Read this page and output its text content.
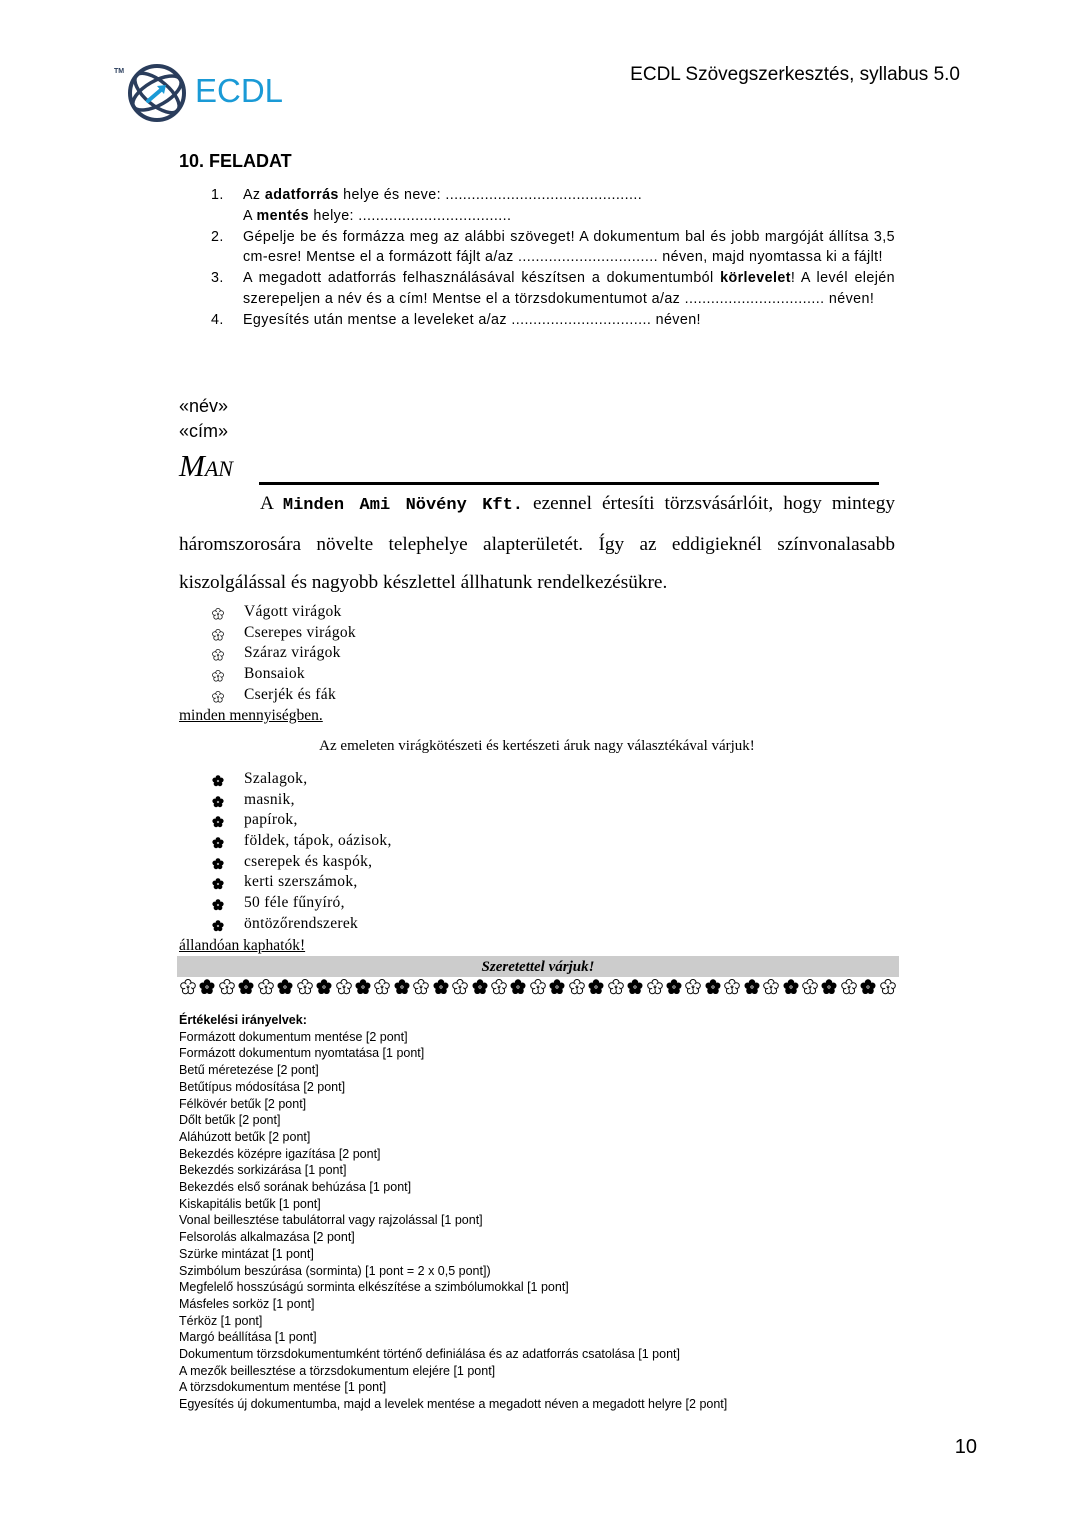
TM
ECDL	ECDL Szövegszerkesztés, syllabus 5.0
10. FELADAT
1. Az adatforrás helye és neve: .............................................
A mentés helye: ...................................
2. Gépelje be és formázza meg az alábbi szöveget! A dokumentum bal és jobb margóját állítsa 3,5 cm-esre! Mentse el a formázott fájlt a/az ................................ néven, majd nyomtassa ki a fájlt!
3. A megadott adatforrás felhasználásával készítsen a dokumentumból körlevelet! A levél elején szerepeljen a név és a cím! Mentse el a törzsdokumentumot a/az ................................ néven!
4. Egyesítés után mentse a leveleket a/az ................................ néven!
«név»
«cím»
MAN
A Minden Ami Növény Kft. ezennel értesíti törzsvásárlóit, hogy mintegy háromszorosára növelte telephelye alapterületét. Így az eddigieknél színvonalasabb kiszolgálással és nagyobb készlettel állhatunk rendelkezésükre.
Vágott virágok
Cserepes virágok
Száraz virágok
Bonsaiok
Cserjék és fák
minden mennyiségben.
Az emeleten virágkötészeti és kertészeti áruk nagy választékával várjuk!
Szalagok,
masnik,
papírok,
földek, tápok, oázisok,
cserepek és kaspók,
kerti szerszámok,
50 féle fűnyíró,
öntözőrendszerek
állandóan kaphatók!
Szeretettel várjuk!
Értékelési irányelvek:
Formázott dokumentum mentése [2 pont]
Formázott dokumentum nyomtatása [1 pont]
Betű méretezése [2 pont]
Betűtípus módosítása [2 pont]
Félkövér betűk [2 pont]
Dőlt betűk [2 pont]
Aláhúzott betűk [2 pont]
Bekezdés középre igazítása [2 pont]
Bekezdés sorkizárása [1 pont]
Bekezdés első sorának behúzása [1 pont]
Kiskapitális betűk [1 pont]
Vonal beillesztése tabulátorral vagy rajzolással [1 pont]
Felsorolás alkalmazása [2 pont]
Szürke mintázat [1 pont]
Szimbólum beszúrása (sorminta) [1 pont = 2 x 0,5 pont])
Megfelelő hosszúságú sorminta elkészítése a szimbólumokkal [1 pont]
Másfeles sorköz [1 pont]
Térköz [1 pont]
Margó beállítása [1 pont]
Dokumentum törzsdokumentumként történő definiálása és az adatforrás csatolása [1 pont]
A mezők beillesztése a törzsdokumentum elejére [1 pont]
A törzsdokumentum mentése [1 pont]
Egyesítés új dokumentumba, majd a levelek mentése a megadott néven a megadott helyre [2 pont]
10
